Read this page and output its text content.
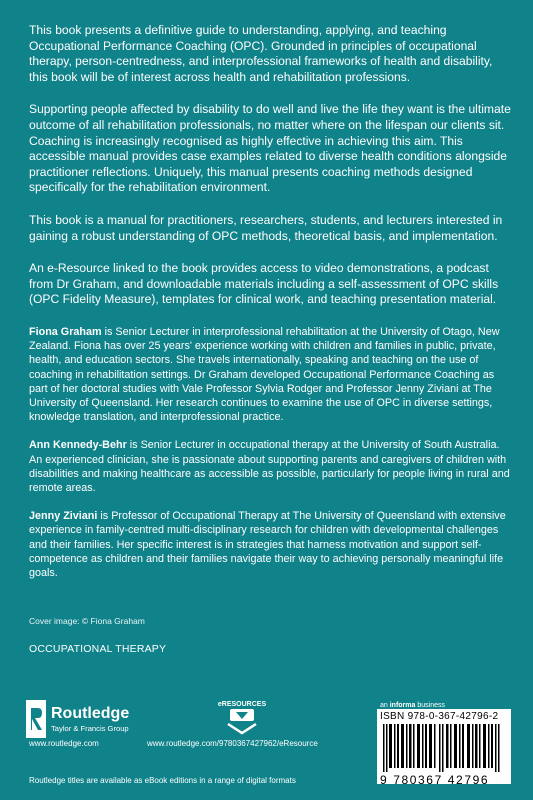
This book presents a definitive guide to understanding, applying, and teaching Occupational Performance Coaching (OPC). Grounded in principles of occupational therapy, person-centredness, and interprofessional frameworks of health and disability, this book will be of interest across health and rehabilitation professions.

Supporting people affected by disability to do well and live the life they want is the ultimate outcome of all rehabilitation professionals, no matter where on the lifespan our clients sit. Coaching is increasingly recognised as highly effective in achieving this aim. This accessible manual provides case examples related to diverse health conditions alongside practitioner reflections. Uniquely, this manual presents coaching methods designed specifically for the rehabilitation environment.

This book is a manual for practitioners, researchers, students, and lecturers interested in gaining a robust understanding of OPC methods, theoretical basis, and implementation.

An e-Resource linked to the book provides access to video demonstrations, a podcast from Dr Graham, and downloadable materials including a self-assessment of OPC skills (OPC Fidelity Measure), templates for clinical work, and teaching presentation material.

Fiona Graham is Senior Lecturer in interprofessional rehabilitation at the University of Otago, New Zealand. Fiona has over 25 years' experience working with children and families in public, private, health, and education sectors. She travels internationally, speaking and teaching on the use of coaching in rehabilitation settings. Dr Graham developed Occupational Performance Coaching as part of her doctoral studies with Vale Professor Sylvia Rodger and Professor Jenny Ziviani at The University of Queensland. Her research continues to examine the use of OPC in diverse settings, knowledge translation, and interprofessional practice.

Ann Kennedy-Behr is Senior Lecturer in occupational therapy at the University of South Australia. An experienced clinician, she is passionate about supporting parents and caregivers of children with disabilities and making healthcare as accessible as possible, particularly for people living in rural and remote areas.

Jenny Ziviani is Professor of Occupational Therapy at The University of Queensland with extensive experience in family-centred multi-disciplinary research for children with developmental challenges and their families. Her specific interest is in strategies that harness motivation and support self-competence as children and their families navigate their way to achieving personally meaningful life goals.

Cover image: © Fiona Graham
OCCUPATIONAL THERAPY
Routledge
Taylor & Francis Group
www.routledge.com
eRESOURCES
www.routledge.com/9780367427962/eResource
an informa business
ISBN 978-0-367-42796-2
9 780367 42796
Routledge titles are available as eBook editions in a range of digital formats
